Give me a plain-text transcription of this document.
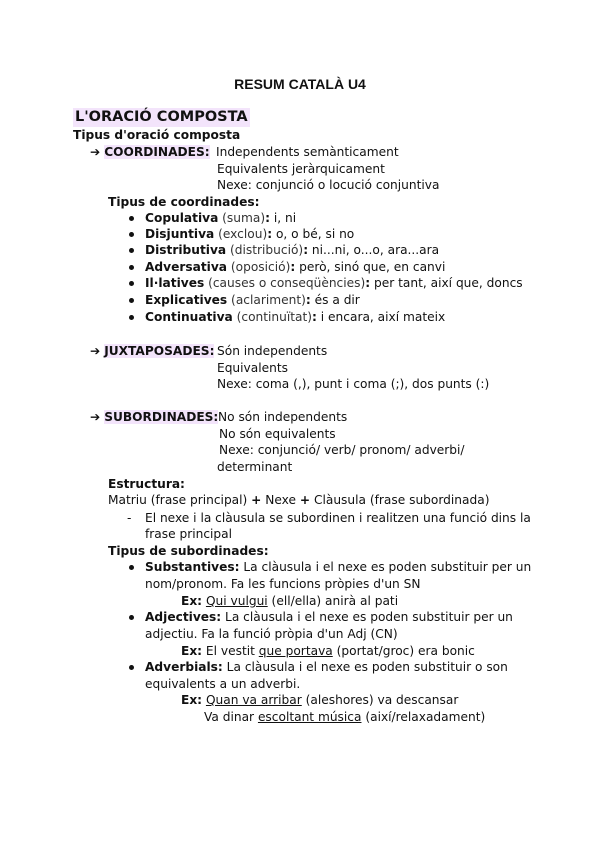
RESUM CATALÀ U4
L'ORACIÓ COMPOSTA
Tipus d'oració composta
➔ COORDINADES: Independents semànticament
Equivalents jeràrquicament
Nexe: conjunció o locució conjuntiva
Tipus de coordinades:
Copulativa (suma): i, ni
Disjuntiva (exclou): o, o bé, si no
Distributiva (distribució): ni...ni, o...o, ara...ara
Adversativa (oposició): però, sinó que, en canvi
Il·latives (causes o conseqüències): per tant, així que, doncs
Explicatives (aclariment): és a dir
Continuativa (continuïtat): i encara, així mateix
➔ JUXTAPOSADES: Són independents
Equivalents
Nexe: coma (,), punt i coma (;), dos punts (:)
➔ SUBORDINADES: No són independents
No són equivalents
Nexe: conjunció/ verb/ pronom/ adverbi/
determinant
Estructura:
Matriu (frase principal) + Nexe + Clàusula (frase subordinada)
- El nexe i la clàusula se subordinen i realitzen una funció dins la
frase principal
Tipus de subordinades:
Substantives: La clàusula i el nexe es poden substituir per un
nom/pronom. Fa les funcions pròpies d'un SN
Ex: Qui vulgui (ell/ella) anirà al pati
Adjectives: La clàusula i el nexe es poden substituir per un
adjectiu. Fa la funció pròpia d'un Adj (CN)
Ex: El vestit que portava (portat/groc) era bonic
Adverbials: La clàusula i el nexe es poden substituir o son
equivalents a un adverbi.
Ex: Quan va arribar (aleshores) va descansar
Va dinar escoltant música (així/relaxadament)
